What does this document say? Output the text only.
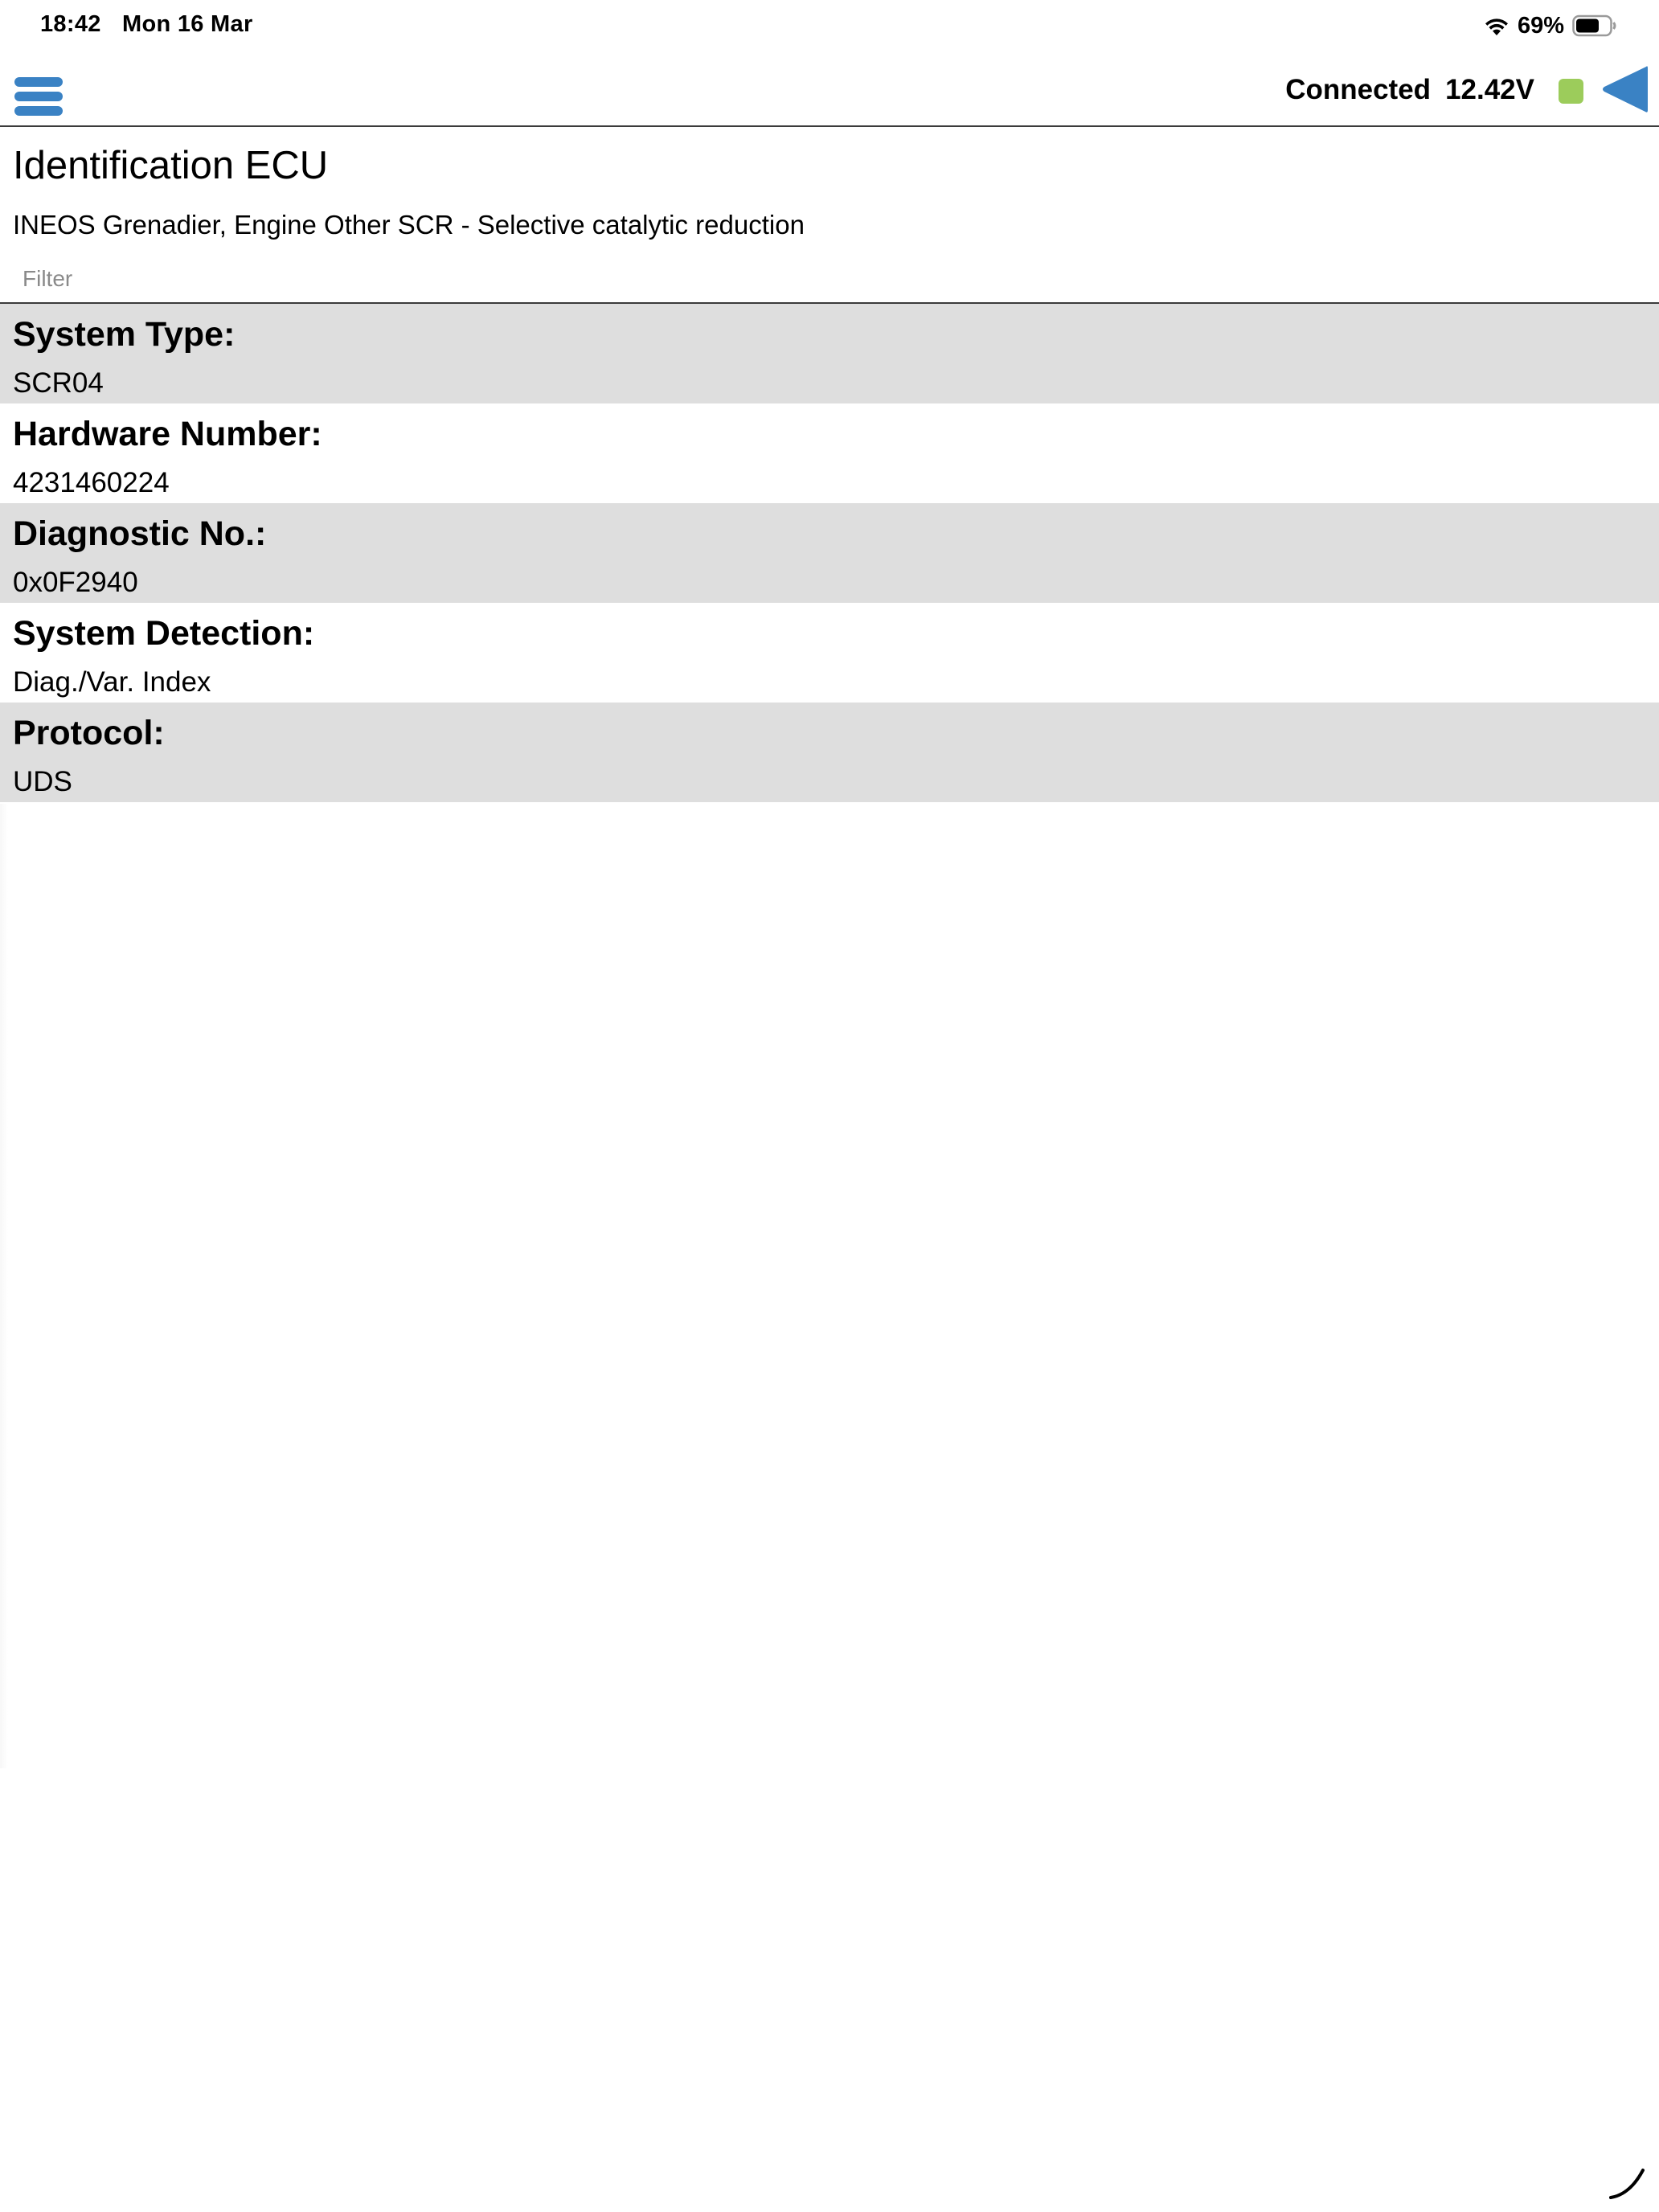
18:42 Mon 16 Mar	69%
Connected 12.42V
Identification ECU
INEOS Grenadier, Engine Other SCR - Selective catalytic reduction
Filter
System Type:
SCR04
Hardware Number:
4231460224
Diagnostic No.:
0x0F2940
System Detection:
Diag./Var. Index
Protocol:
UDS
